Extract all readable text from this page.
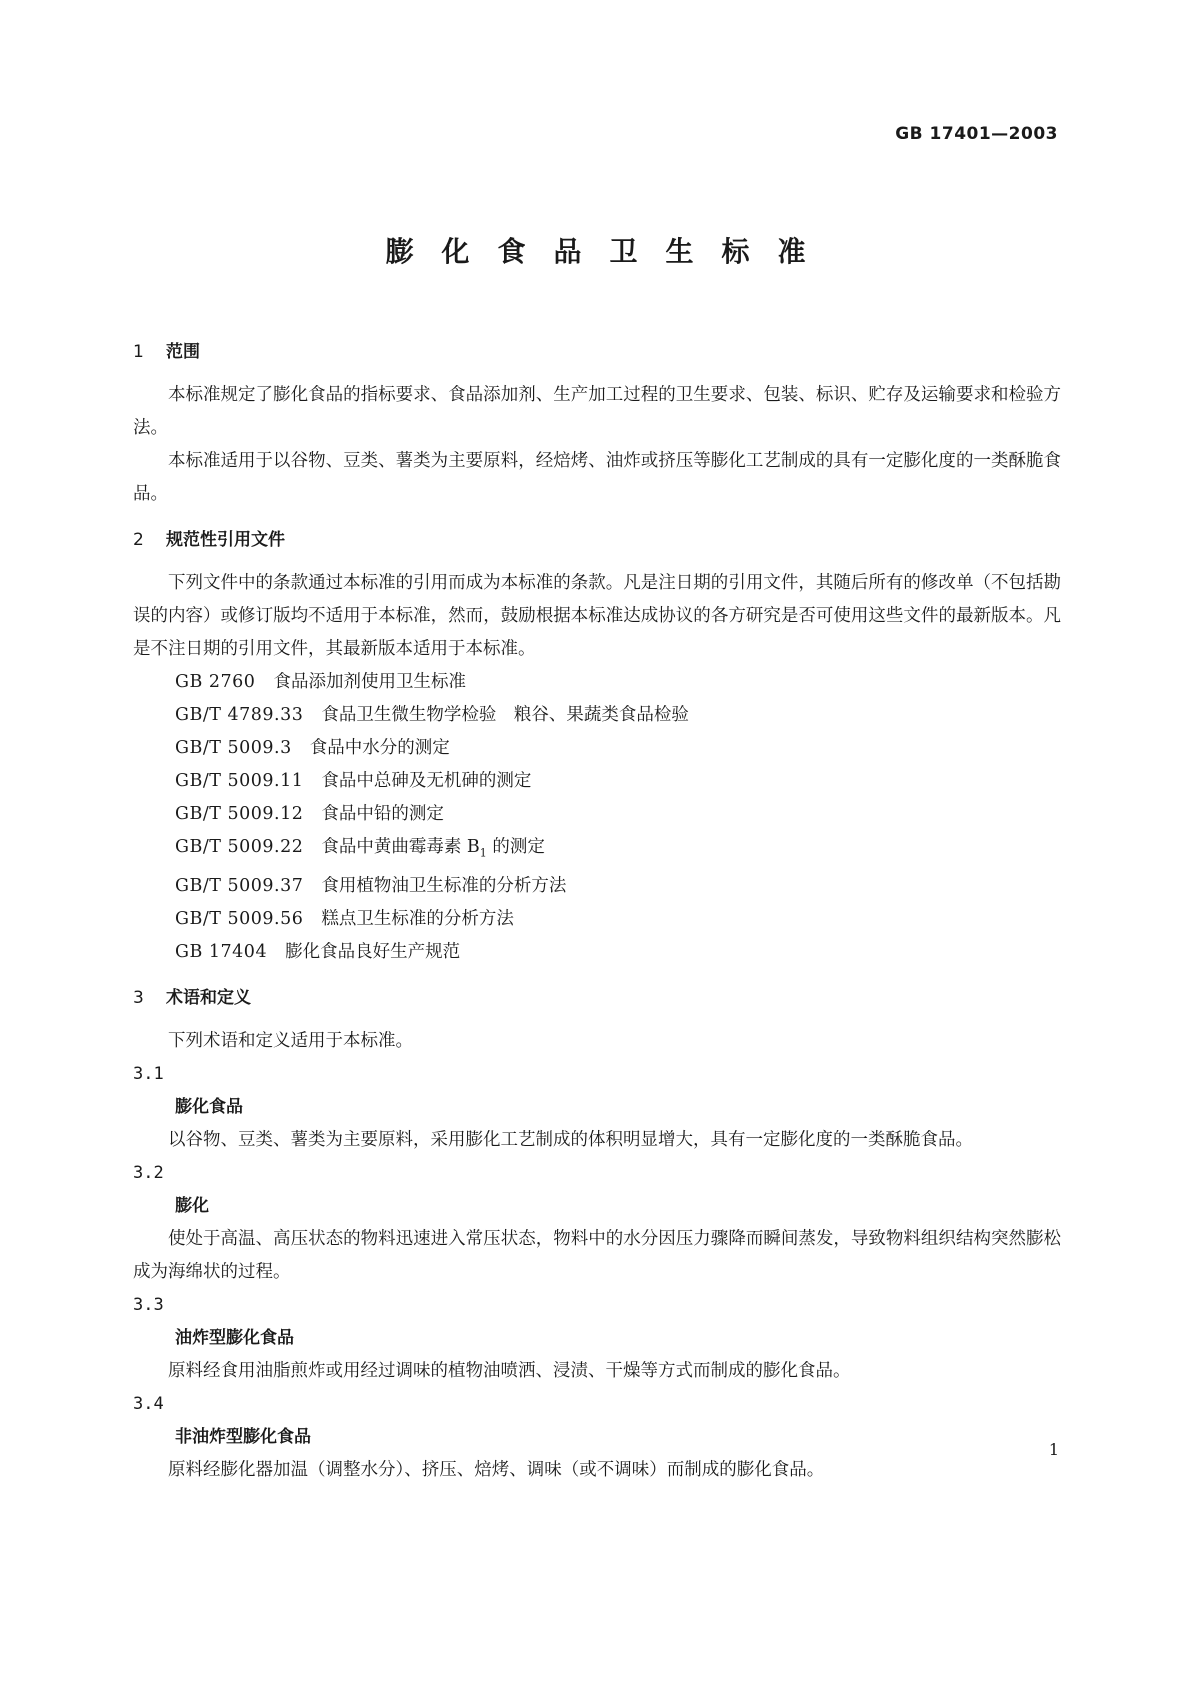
GB 17401—2003
膨化食品卫生标准
1 范围

本标准规定了膨化食品的指标要求、食品添加剂、生产加工过程的卫生要求、包装、标识、贮存及运输要求和检验方法。

本标准适用于以谷物、豆类、薯类为主要原料，经焙烤、油炸或挤压等膨化工艺制成的具有一定膨化度的一类酥脆食品。

2 规范性引用文件

下列文件中的条款通过本标准的引用而成为本标准的条款。凡是注日期的引用文件，其随后所有的修改单（不包括勘误的内容）或修订版均不适用于本标准，然而，鼓励根据本标准达成协议的各方研究是否可使用这些文件的最新版本。凡是不注日期的引用文件，其最新版本适用于本标准。

GB 2760 食品添加剂使用卫生标准
GB/T 4789.33 食品卫生微生物学检验　粮谷、果蔬类食品检验
GB/T 5009.3 食品中水分的测定
GB/T 5009.11 食品中总砷及无机砷的测定
GB/T 5009.12 食品中铅的测定
GB/T 5009.22 食品中黄曲霉毒素 $B_1$ 的测定
GB/T 5009.37 食用植物油卫生标准的分析方法
GB/T 5009.56 糕点卫生标准的分析方法
GB 17404 膨化食品良好生产规范
3 术语和定义

下列术语和定义适用于本标准。

3.1
膨化食品

以谷物、豆类、薯类为主要原料，采用膨化工艺制成的体积明显增大，具有一定膨化度的一类酥脆食品。

3.2
膨化

使处于高温、高压状态的物料迅速进入常压状态，物料中的水分因压力骤降而瞬间蒸发，导致物料组织结构突然膨松成为海绵状的过程。

3.3
油炸型膨化食品

原料经食用油脂煎炸或用经过调味的植物油喷洒、浸渍、干燥等方式而制成的膨化食品。

3.4
非油炸型膨化食品

原料经膨化器加温（调整水分）、挤压、焙烤、调味（或不调味）而制成的膨化食品。

1
